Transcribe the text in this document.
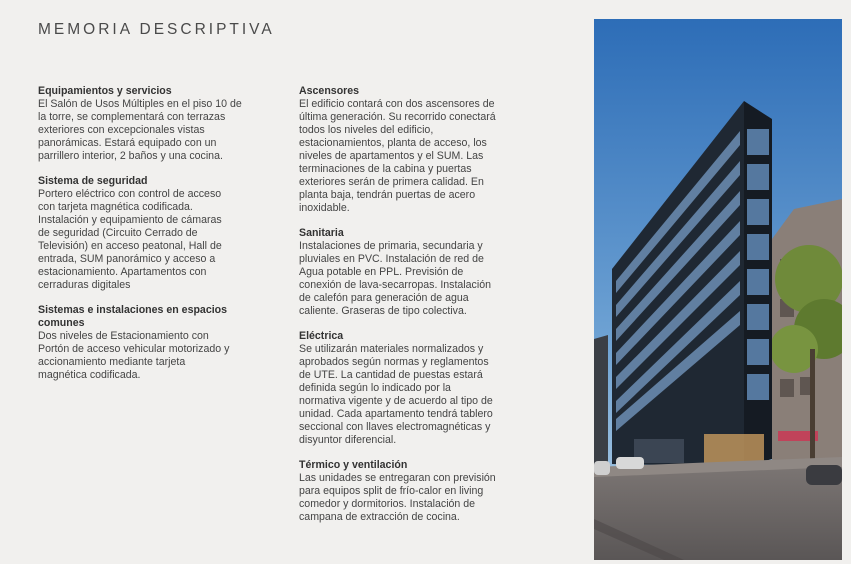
MEMORIA DESCRIPTIVA

Equipamientos y servicios

El Salón de Usos Múltiples en el piso 10 de
la torre, se complementará con terrazas
exteriores con excepcionales vistas
panorámicas. Estará equipado con un
parrillero interior, 2 baños y una cocina.

Sistema de seguridad

Portero eléctrico con control de acceso
con tarjeta magnética codificada.
Instalación y equipamiento de cámaras
de seguridad (Circuito Cerrado de
Televisión) en acceso peatonal, Hall de
entrada, SUM panorámico y acceso a
estacionamiento. Apartamentos con
cerraduras digitales

Sistemas e instalaciones en espacios
comunes

Dos niveles de Estacionamiento con
Portón de acceso vehicular motorizado y
accionamiento mediante tarjeta
magnética codificada.

Ascensores

El edificio contará con dos ascensores de
última generación. Su recorrido conectará
todos los niveles del edificio,
estacionamientos, planta de acceso, los
niveles de apartamentos y el SUM. Las
terminaciones de la cabina y puertas
exteriores serán de primera calidad. En
planta baja, tendrán puertas de acero
inoxidable.

Sanitaria

Instalaciones de primaria, secundaria y
pluviales en PVC. Instalación de red de
Agua potable en PPL. Previsión de
conexión de lava-secarropas. Instalación
de calefón para generación de agua
caliente. Graseras de tipo colectiva.

Eléctrica

Se utilizarán materiales normalizados y
aprobados según normas y reglamentos
de UTE. La cantidad de puestas estará
definida según lo indicado por la
normativa vigente y de acuerdo al tipo de
unidad. Cada apartamento tendrá tablero
seccional con llaves electromagnéticas y
disyuntor diferencial.

Térmico y ventilación

Las unidades se entregaran con previsión
para equipos split de frío-calor en living
comedor y dormitorios. Instalación de
campana de extracción de cocina.
